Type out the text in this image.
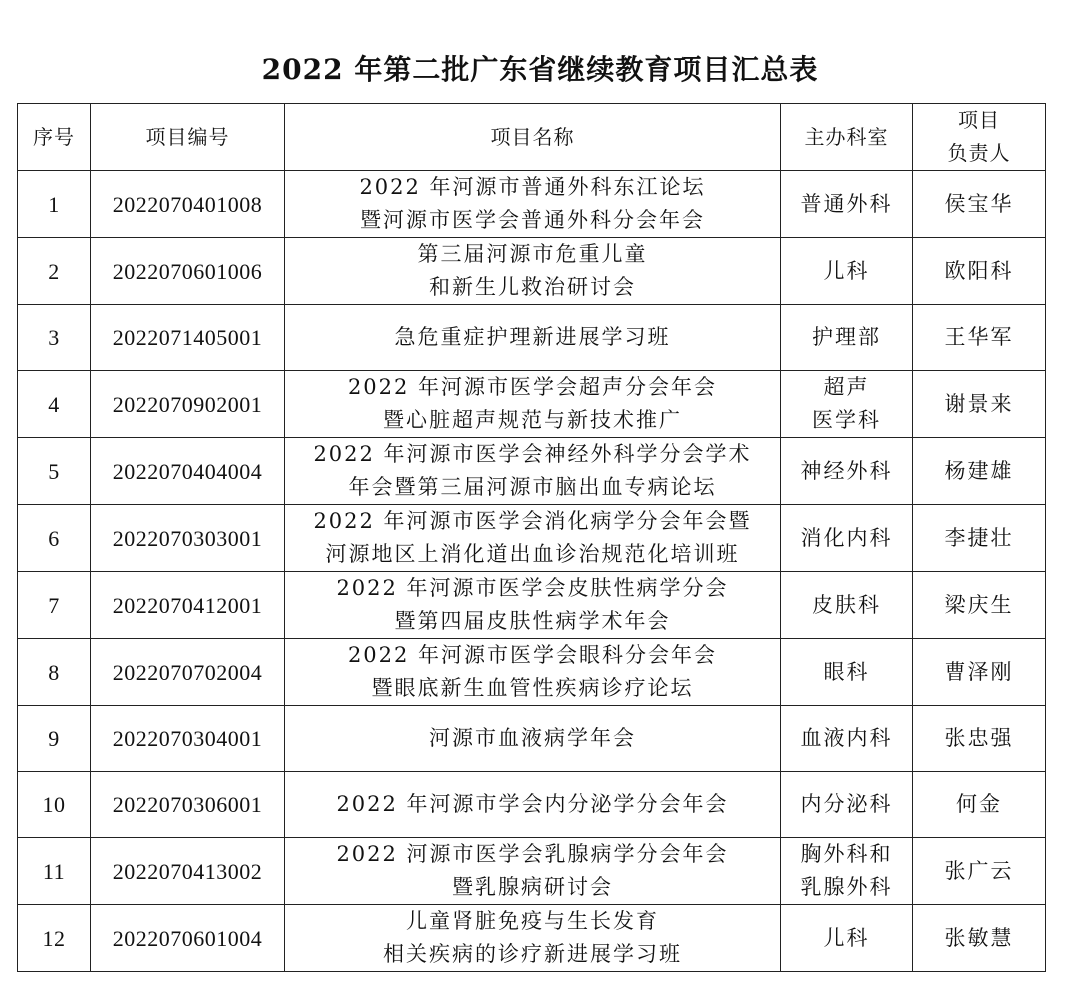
2022 年第二批广东省继续教育项目汇总表
序号	项目编号	项目名称	主办科室	项目
负责人

1	2022070401008	2022 年河源市普通外科东江论坛
暨河源市医学会普通外科分会年会	普通外科	侯宝华
2	2022070601006	第三届河源市危重儿童
和新生儿救治研讨会	儿科	欧阳科
3	2022071405001	急危重症护理新进展学习班	护理部	王华军
4	2022070902001	2022 年河源市医学会超声分会年会
暨心脏超声规范与新技术推广	超声
医学科	谢景来
5	2022070404004	2022 年河源市医学会神经外科学分会学术
年会暨第三届河源市脑出血专病论坛	神经外科	杨建雄
6	2022070303001	2022 年河源市医学会消化病学分会年会暨
河源地区上消化道出血诊治规范化培训班	消化内科	李捷壮
7	2022070412001	2022 年河源市医学会皮肤性病学分会
暨第四届皮肤性病学术年会	皮肤科	梁庆生
8	2022070702004	2022 年河源市医学会眼科分会年会
暨眼底新生血管性疾病诊疗论坛	眼科	曹泽刚
9	2022070304001	河源市血液病学年会	血液内科	张忠强
10	2022070306001	2022 年河源市学会内分泌学分会年会	内分泌科	何金
11	2022070413002	2022 河源市医学会乳腺病学分会年会
暨乳腺病研讨会	胸外科和
乳腺外科	张广云
12	2022070601004	儿童肾脏免疫与生长发育
相关疾病的诊疗新进展学习班	儿科	张敏慧
